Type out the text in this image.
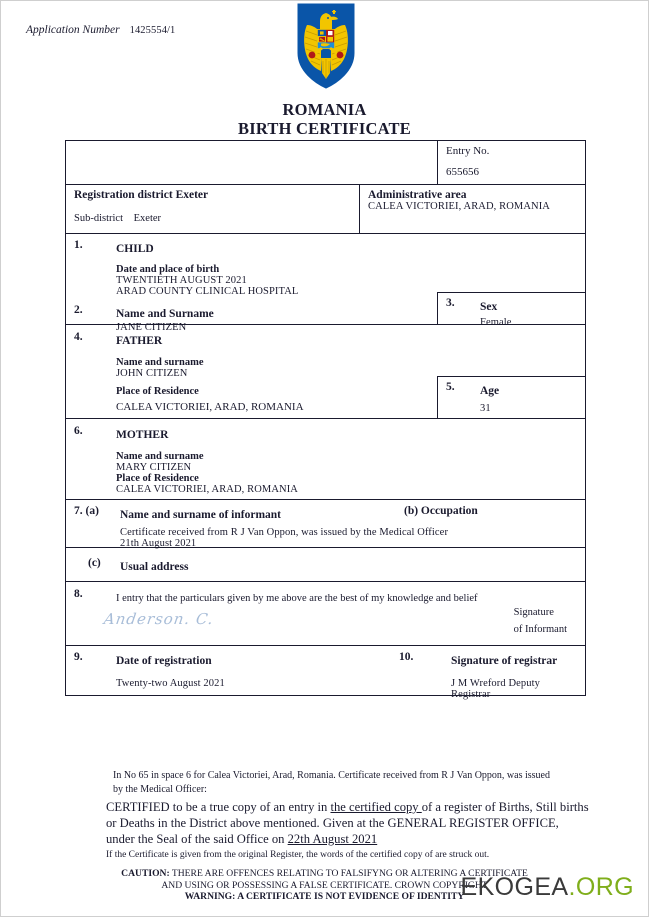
Application Number 1425554/1
ROMANIA
BIRTH CERTIFICATE
Entry No.
655656
Registration district Exeter
Sub-district Exeter
Administrative area
CALEA VICTORIEI, ARAD, ROMANIA
1.	CHILD
Date and place of birth
TWENTIETH AUGUST 2021
ARAD COUNTY CLINICAL HOSPITAL
2.	Name and Surname
JANE CITIZEN
3. Sex
Female
4.	FATHER
Name and surname
JOHN CITIZEN
Place of Residence
CALEA VICTORIEI, ARAD, ROMANIA
5. Age
31
6.	MOTHER
Name and surname
MARY CITIZEN
Place of Residence
CALEA VICTORIEI, ARAD, ROMANIA
7. (a) Name and surname of informant	(b) Occupation
Certificate received from R J Van Oppon, was issued by the Medical Officer
21th August 2021
(c) Usual address
8.	I entry that the particulars given by me above are the best of my knowledge and belief
Anderson. C.	Signature
of Informant
9.	Date of registration
Twenty-two August 2021
10.	Signature of registrar
J M Wreford Deputy Registrar
In No 65 in space 6 for Calea Victoriei, Arad, Romania. Certificate received from R J Van Oppon, was issued
by the Medical Officer:
CERTIFIED to be a true copy of an entry in the certified copy of a register of Births, Still births or Deaths in the District above mentioned. Given at the GENERAL REGISTER OFFICE, under the Seal of the said Office on 22th August 2021
If the Certificate is given from the original Register, the words of the certified copy of are struck out.
CAUTION: THERE ARE OFFENCES RELATING TO FALSIFYNG OR ALTERING A CERTIFICATE
AND USING OR POSSESSING A FALSE CERTIFICATE. CROWN COPYRIGHT
WARNING: A CERTIFICATE IS NOT EVIDENCE OF IDENTITY
EKOGEA.ORG
